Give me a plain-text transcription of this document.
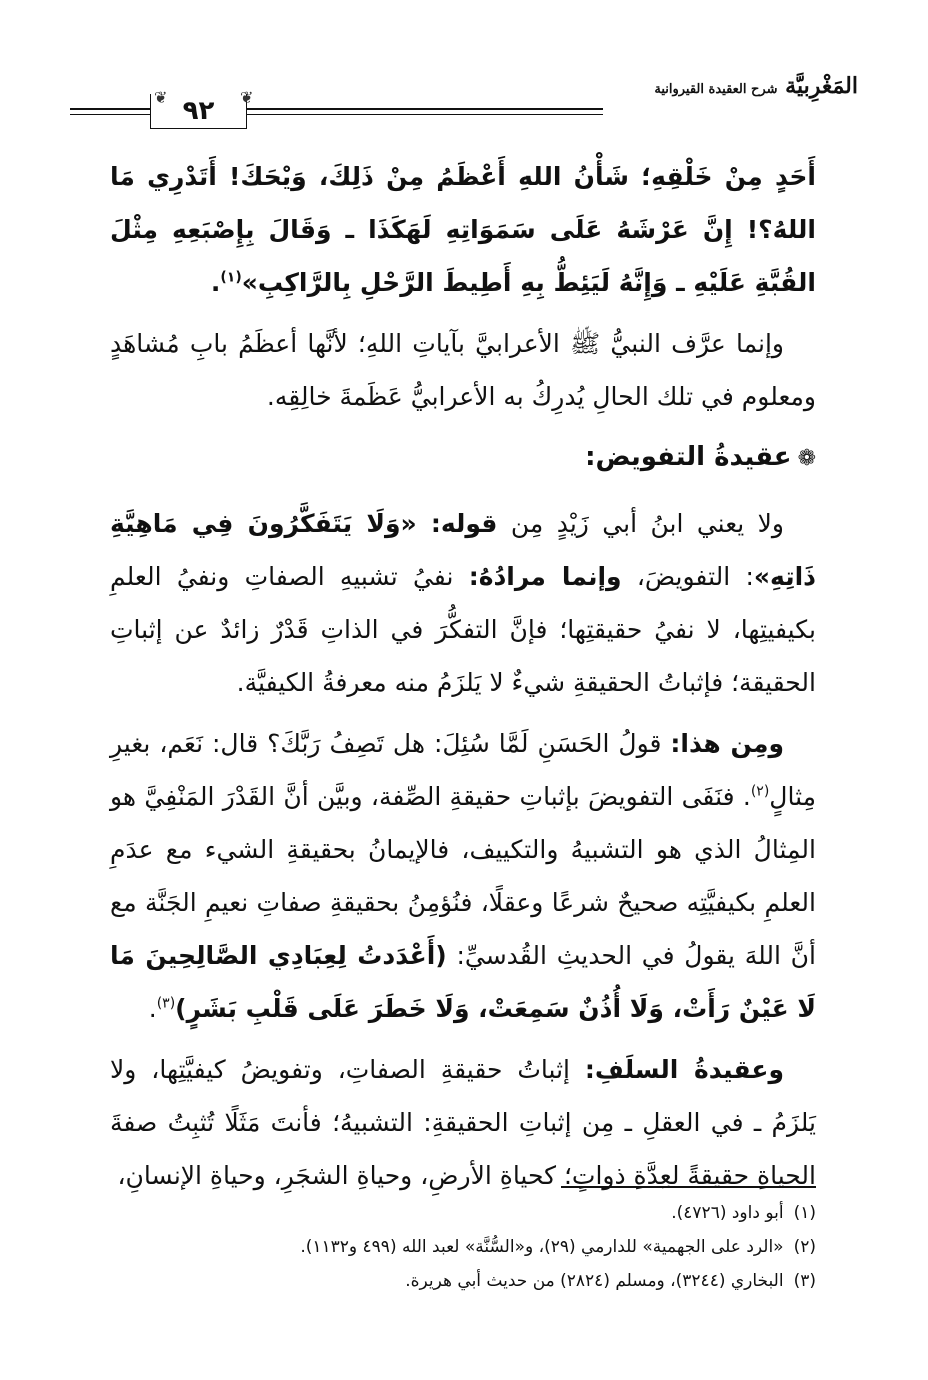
المَغْرِبيَّة شرح العقيدة القيروانية
٩٢	❦
❦

أَحَدٍ مِنْ خَلْقِهِ؛ شَأْنُ اللهِ أَعْظَمُ مِنْ ذَلِكَ، وَيْحَكَ! أَتَدْرِي مَا اللهُ؟! إِنَّ عَرْشَهُ عَلَى سَمَوَاتِهِ لَهَكَذَا ـ وَقَالَ بِإِصْبَعِهِ مِثْلَ القُبَّةِ عَلَيْهِ ـ وَإِنَّهُ لَيَئِطُّ بِهِ أَطِيطَ الرَّحْلِ بِالرَّاكِبِ»$^{(١)}$.

وإنما عرَّف النبيُّ ﷺ الأعرابيَّ بآياتِ اللهِ؛ لأنَّها أعظَمُ بابِ مُشاهَدٍ ومعلوم في تلك الحالِ يُدرِكُ به الأعرابيُّ عَظَمةَ خالِقِه.

❁عقيدةُ التفويض:

ولا يعني ابنُ أبي زَيْدٍ مِن قوله: «وَلَا يَتَفَكَّرُونَ فِي مَاهِيَّةِ ذَاتِهِ»: التفويضَ، وإنما مرادُهُ: نفيُ تشبيهِ الصفاتِ ونفيُ العلمِ بكيفيتِها، لا نفيُ حقيقتِها؛ فإنَّ التفكُّرَ في الذاتِ قَدْرٌ زائدٌ عن إثباتِ الحقيقة؛ فإثباتُ الحقيقةِ شيءٌ لا يَلزَمُ منه معرفةُ الكيفيَّة.

ومِن هذا: قولُ الحَسَنِ لَمَّا سُئِلَ: هل تَصِفُ رَبَّكَ؟ قال: نَعَم، بغيرِ مِثالٍ$^{(٢)}$. فنَفَى التفويضَ بإثباتِ حقيقةِ الصِّفة، وبيَّن أنَّ القَدْرَ المَنْفِيَّ هو المِثالُ الذي هو التشبيهُ والتكييف، فالإيمانُ بحقيقةِ الشيء مع عدَمِ العلمِ بكيفيَّتِه صحيحٌ شرعًا وعقلًا، فنُؤمِنُ بحقيقةِ صفاتِ نعيمِ الجَنَّة مع أنَّ اللهَ يقولُ في الحديثِ القُدسيِّ: (أَعْدَدتُ لِعِبَادِي الصَّالِحِينَ مَا لَا عَيْنٌ رَأَتْ، وَلَا أُذُنٌ سَمِعَتْ، وَلَا خَطَرَ عَلَى قَلْبِ بَشَرٍ)$^{(٣)}$.

وعقيدةُ السلَفِ: إثباتُ حقيقةِ الصفاتِ، وتفويضُ كيفيَّتِها، ولا يَلزَمُ ـ في العقلِ ـ مِن إثباتِ الحقيقةِ: التشبيهُ؛ فأنتَ مَثَلًا تُثبِتُ صفةَ الحياةِ حقيقةً لعِدَّةِ ذواتٍ؛ كحياةِ الأرضِ، وحياةِ الشجَرِ، وحياةِ الإنسانِ،

(١)أبو داود (٤٧٢٦).

(٢)«الرد على الجهمية» للدارمي (٢٩)، و«السُّنَّة» لعبد الله (٤٩٩ و١١٣٢).

(٣)البخاري (٣٢٤٤)، ومسلم (٢٨٢٤) من حديث أبي هريرة.
